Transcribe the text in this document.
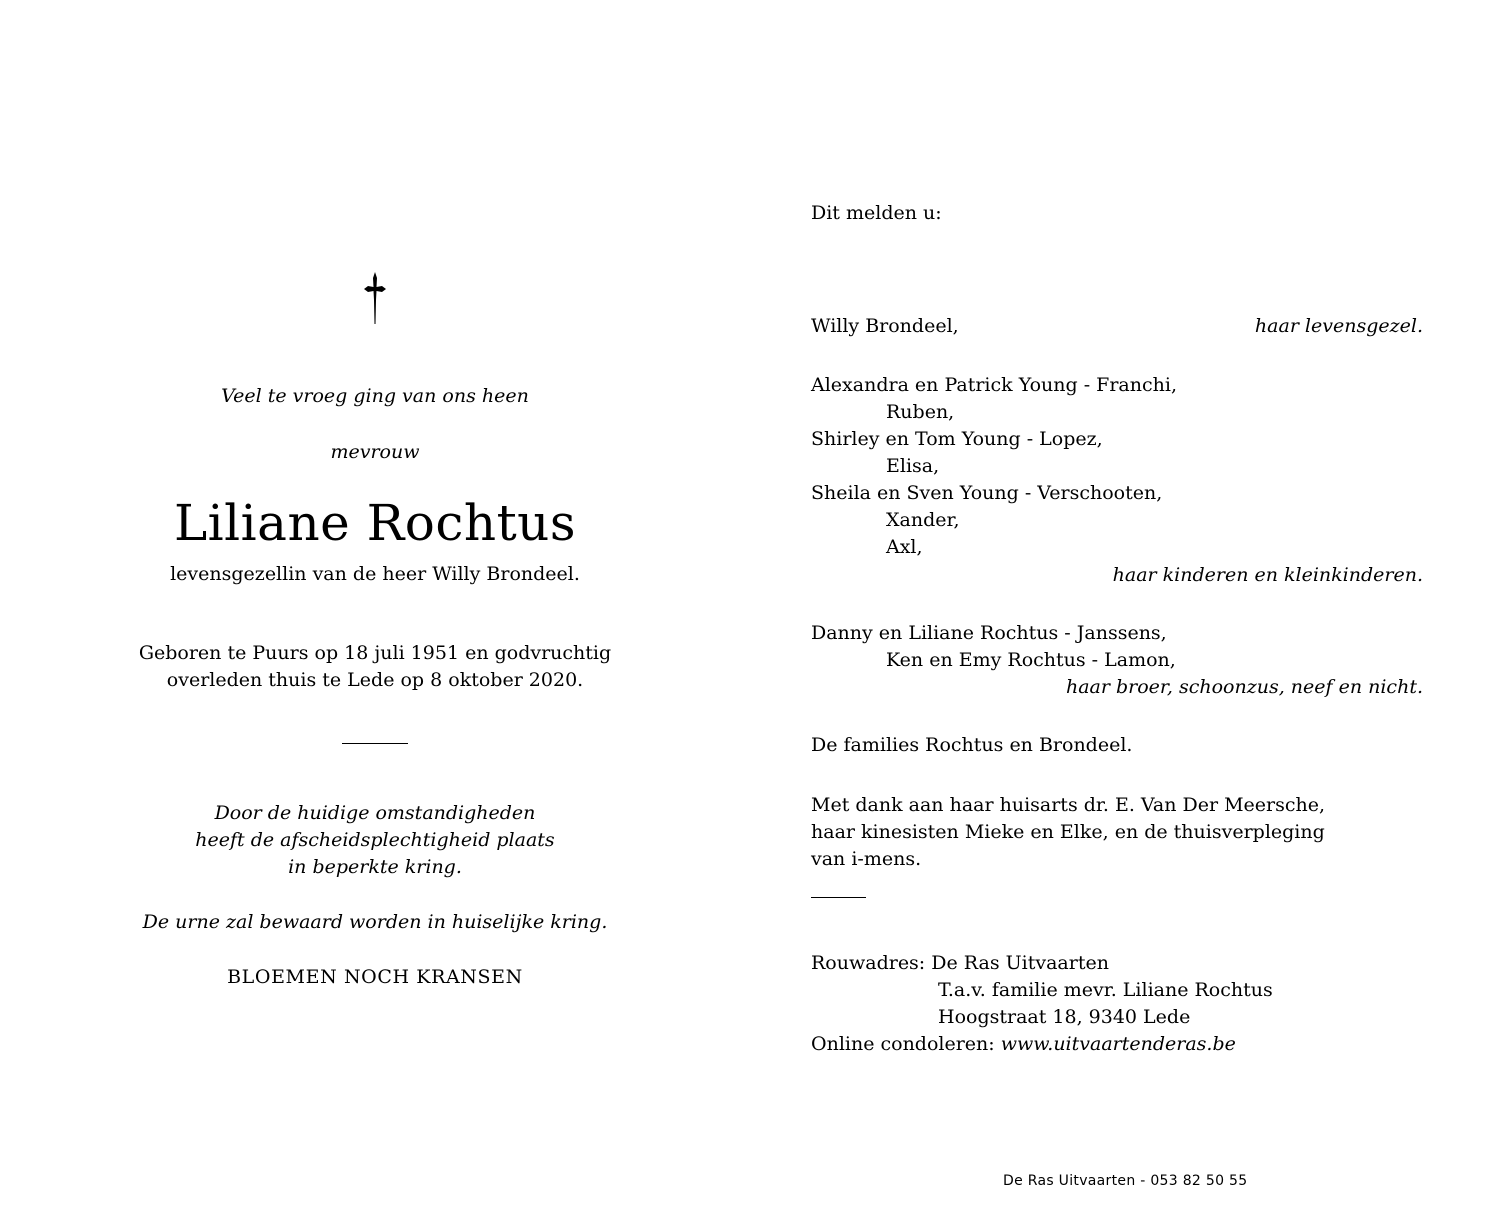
Veel te vroeg ging van ons heen
mevrouw
Liliane Rochtus
levensgezellin van de heer Willy Brondeel.
Geboren te Puurs op 18 juli 1951 en godvruchtig
overleden thuis te Lede op 8 oktober 2020.
Door de huidige omstandigheden
heeft de afscheidsplechtigheid plaats
in beperkte kring.
De urne zal bewaard worden in huiselijke kring.
BLOEMEN NOCH KRANSEN
Dit melden u:
Willy Brondeel,	haar levensgezel.
Alexandra en Patrick Young - Franchi,
Ruben,
Shirley en Tom Young - Lopez,
Elisa,
Sheila en Sven Young - Verschooten,
Xander,
Axl,
haar kinderen en kleinkinderen.
Danny en Liliane Rochtus - Janssens,
Ken en Emy Rochtus - Lamon,
haar broer, schoonzus, neef en nicht.
De families Rochtus en Brondeel.
Met dank aan haar huisarts dr. E. Van Der Meersche,
haar kinesisten Mieke en Elke, en de thuisverpleging
van i-mens.
Rouwadres: De Ras Uitvaarten
T.a.v. familie mevr. Liliane Rochtus
Hoogstraat 18, 9340 Lede
Online condoleren: www.uitvaartenderas.be
De Ras Uitvaarten - 053 82 50 55
